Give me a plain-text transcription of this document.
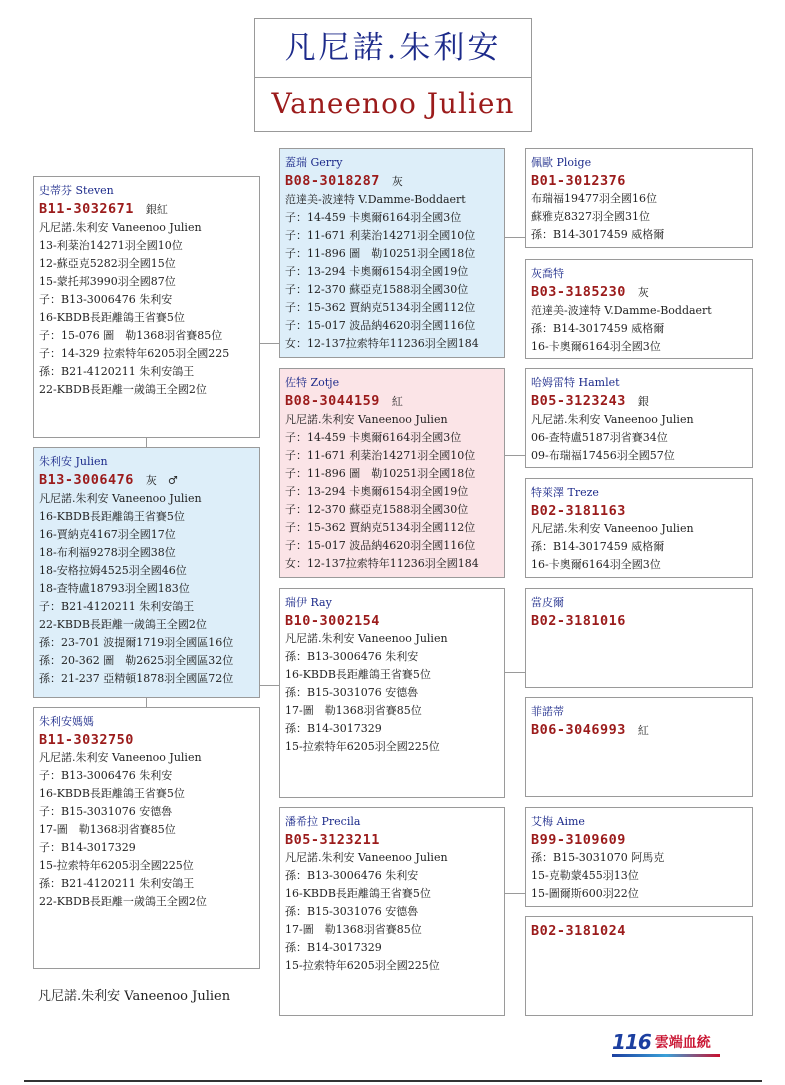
凡尼諾.朱利安
Vaneenoo Julien
史蒂芬 Steven
B11-3032671 銀紅
凡尼諾.朱利安 Vaneenoo Julien
13-利棻治14271羽全國10位
12-蘇亞克5282羽全國15位
15-蒙托邦3990羽全國87位
子：B13-3006476 朱利安
16-KBDB長距離鴿王省賽5位
子：15-076 圖　勒1368羽省賽85位
子：14-329 拉索特年6205羽全國225
孫：B21-4120211 朱利安鴿王
22-KBDB長距離一歲鴿王全國2位
朱利安 Julien
B13-3006476 灰　♂
凡尼諾.朱利安 Vaneenoo Julien
16-KBDB長距離鴿王省賽5位
16-賈納克4167羽全國17位
18-布利福9278羽全國38位
18-安格拉姆4525羽全國46位
18-查特盧18793羽全國183位
子：B21-4120211 朱利安鴿王
22-KBDB長距離一歲鴿王全國2位
孫：23-701 波提爾1719羽全國區16位
孫：20-362 圖　勒2625羽全國區32位
孫：21-237 亞精頓1878羽全國區72位
朱利安媽媽
B11-3032750
凡尼諾.朱利安 Vaneenoo Julien
子：B13-3006476 朱利安
16-KBDB長距離鴿王省賽5位
子：B15-3031076 安德魯
17-圖　勒1368羽省賽85位
子：B14-3017329
15-拉索特年6205羽全國225位
孫：B21-4120211 朱利安鴿王
22-KBDB長距離一歲鴿王全國2位
蓋瑞 Gerry
B08-3018287 灰
范達美-波達特 V.Damme-Boddaert
子：14-459 卡奧爾6164羽全國3位
子：11-671 利棻治14271羽全國10位
子：11-896 圖　勒10251羽全國18位
子：13-294 卡奧爾6154羽全國19位
子：12-370 蘇亞克1588羽全國30位
子：15-362 賈納克5134羽全國112位
子：15-017 波品納4620羽全國116位
女：12-137拉索特年11236羽全國184
佐特 Zotje
B08-3044159 紅
凡尼諾.朱利安 Vaneenoo Julien
子：14-459 卡奧爾6164羽全國3位
子：11-671 利棻治14271羽全國10位
子：11-896 圖　勒10251羽全國18位
子：13-294 卡奧爾6154羽全國19位
子：12-370 蘇亞克1588羽全國30位
子：15-362 賈納克5134羽全國112位
子：15-017 波品納4620羽全國116位
女：12-137拉索特年11236羽全國184
瑞伊 Ray
B10-3002154
凡尼諾.朱利安 Vaneenoo Julien
孫：B13-3006476 朱利安
16-KBDB長距離鴿王省賽5位
孫：B15-3031076 安德魯
17-圖　勒1368羽省賽85位
孫：B14-3017329
15-拉索特年6205羽全國225位
潘希拉 Precila
B05-3123211
凡尼諾.朱利安 Vaneenoo Julien
孫：B13-3006476 朱利安
16-KBDB長距離鴿王省賽5位
孫：B15-3031076 安德魯
17-圖　勒1368羽省賽85位
孫：B14-3017329
15-拉索特年6205羽全國225位
佩歐 Ploige
B01-3012376
布瑞福19477羽全國16位
蘇雅克8327羽全國31位
孫：B14-3017459 威格爾
灰喬特
B03-3185230 灰
范達美-波達特 V.Damme-Boddaert
孫：B14-3017459 威格爾
16-卡奧爾6164羽全國3位
哈姆雷特 Hamlet
B05-3123243 銀
凡尼諾.朱利安 Vaneenoo Julien
06-查特盧5187羽省賽34位
09-布瑞福17456羽全國57位
特萊澤 Treze
B02-3181163
凡尼諾.朱利安 Vaneenoo Julien
孫：B14-3017459 威格爾
16-卡奧爾6164羽全國3位
當皮爾
B02-3181016
菲諾蒂
B06-3046993 紅
艾梅 Aime
B99-3109609
孫：B15-3031070 阿馬克
15-克勒蒙455羽13位
15-圖爾斯600羽22位
B02-3181024
凡尼諾.朱利安 Vaneenoo Julien
116 雲端血統
